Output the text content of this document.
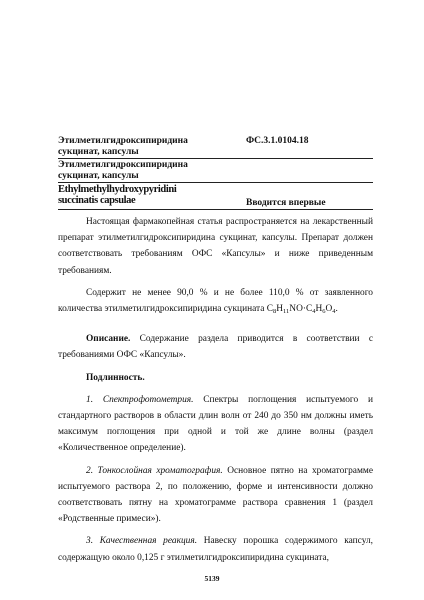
Этилметилгидроксипиридина
сукцинат, капсулы
ФС.3.1.0104.18
Этилметилгидроксипиридина
сукцинат, капсулы
Ethylmethylhydroxypyridini
succinatis capsulae	Вводится впервые

Настоящая фармакопейная статья распространяется на лекарственный препарат этилметилгидроксипиридина сукцинат, капсулы. Препарат должен соответствовать требованиям ОФС «Капсулы» и ниже приведенным требованиям.

Содержит не менее 90,0 % и не более 110,0 % от заявленного количества этилметилгидроксипиридина сукцината $C_8H_{11}NO\cdot C_4H_6O_4$.

Описание. Содержание раздела приводится в соответствии с требованиями ОФС «Капсулы».

Подлинность.

1. Спектрофотометрия. Спектры поглощения испытуемого и стандартного растворов в области длин волн от 240 до 350 нм должны иметь максимум поглощения при одной и той же длине волны (раздел «Количественное определение).

2. Тонкослойная хроматография. Основное пятно на хроматограмме испытуемого раствора 2, по положению, форме и интенсивности должно соответствовать пятну на хроматограмме раствора сравнения 1 (раздел «Родственные примеси»).

3. Качественная реакция. Навеску порошка содержимого капсул, содержащую около 0,125 г этилметилгидроксипиридина сукцината,

5139
